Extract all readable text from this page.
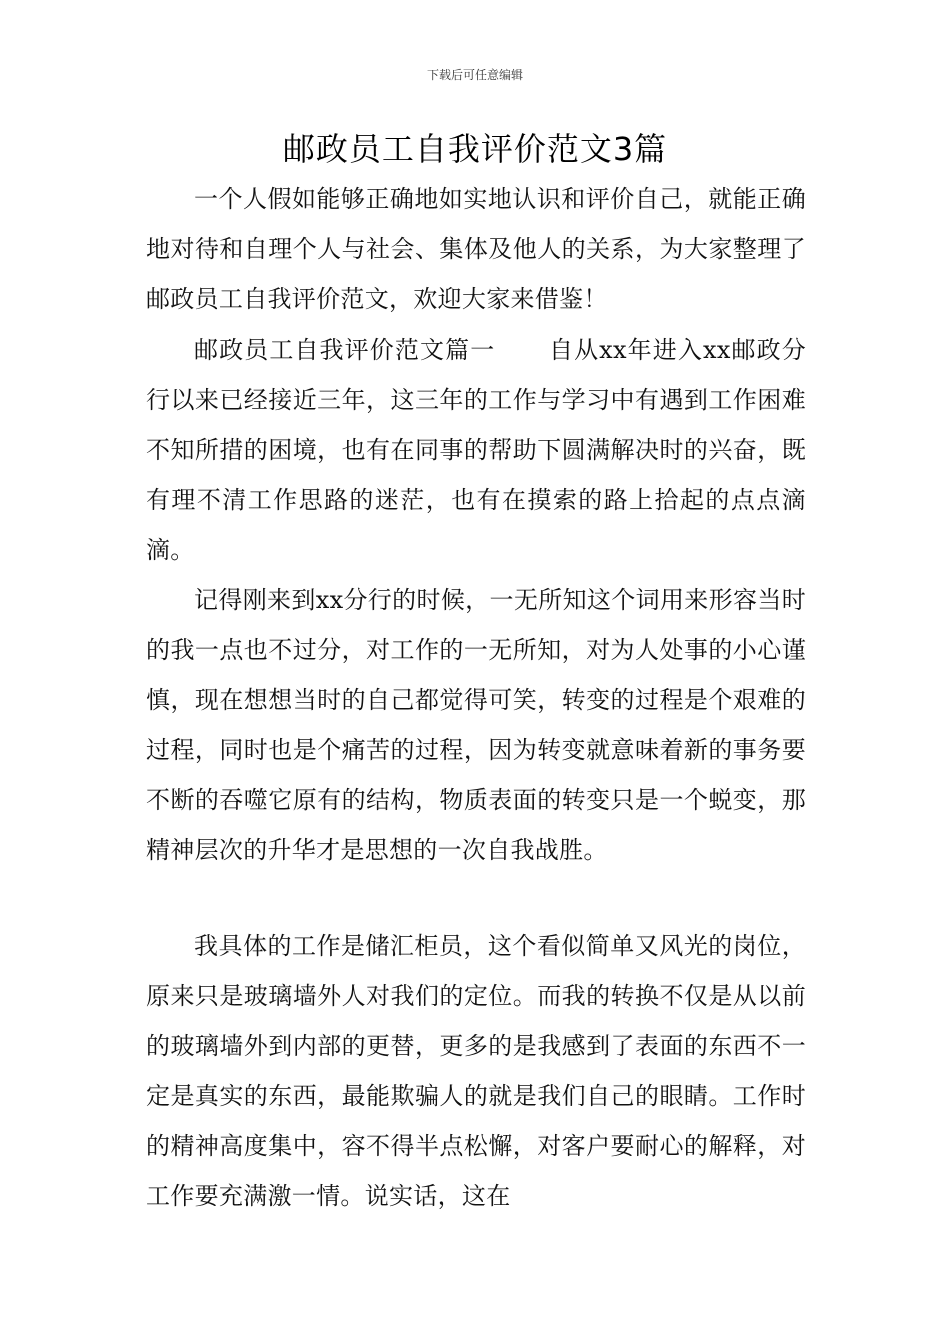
下载后可任意编辑
邮政员工自我评价范文3篇

一个人假如能够正确地如实地认识和评价自己，就能正确地对待和自理个人与社会、集体及他人的关系，为大家整理了邮政员工自我评价范文，欢迎大家来借鉴！

邮政员工自我评价范文篇一 自从xx年进入xx邮政分行以来已经接近三年，这三年的工作与学习中有遇到工作困难不知所措的困境，也有在同事的帮助下圆满解决时的兴奋，既有理不清工作思路的迷茫，也有在摸索的路上拾起的点点滴滴。

记得刚来到xx分行的时候，一无所知这个词用来形容当时的我一点也不过分，对工作的一无所知，对为人处事的小心谨慎，现在想想当时的自己都觉得可笑，转变的过程是个艰难的过程，同时也是个痛苦的过程，因为转变就意味着新的事务要不断的吞噬它原有的结构，物质表面的转变只是一个蜕变，那精神层次的升华才是思想的一次自我战胜。

我具体的工作是储汇柜员，这个看似简单又风光的岗位，原来只是玻璃墙外人对我们的定位。而我的转换不仅是从以前的玻璃墙外到内部的更替，更多的是我感到了表面的东西不一定是真实的东西，最能欺骗人的就是我们自己的眼睛。工作时的精神高度集中，容不得半点松懈，对客户要耐心的解释，对工作要充满激一情。说实话，这在
